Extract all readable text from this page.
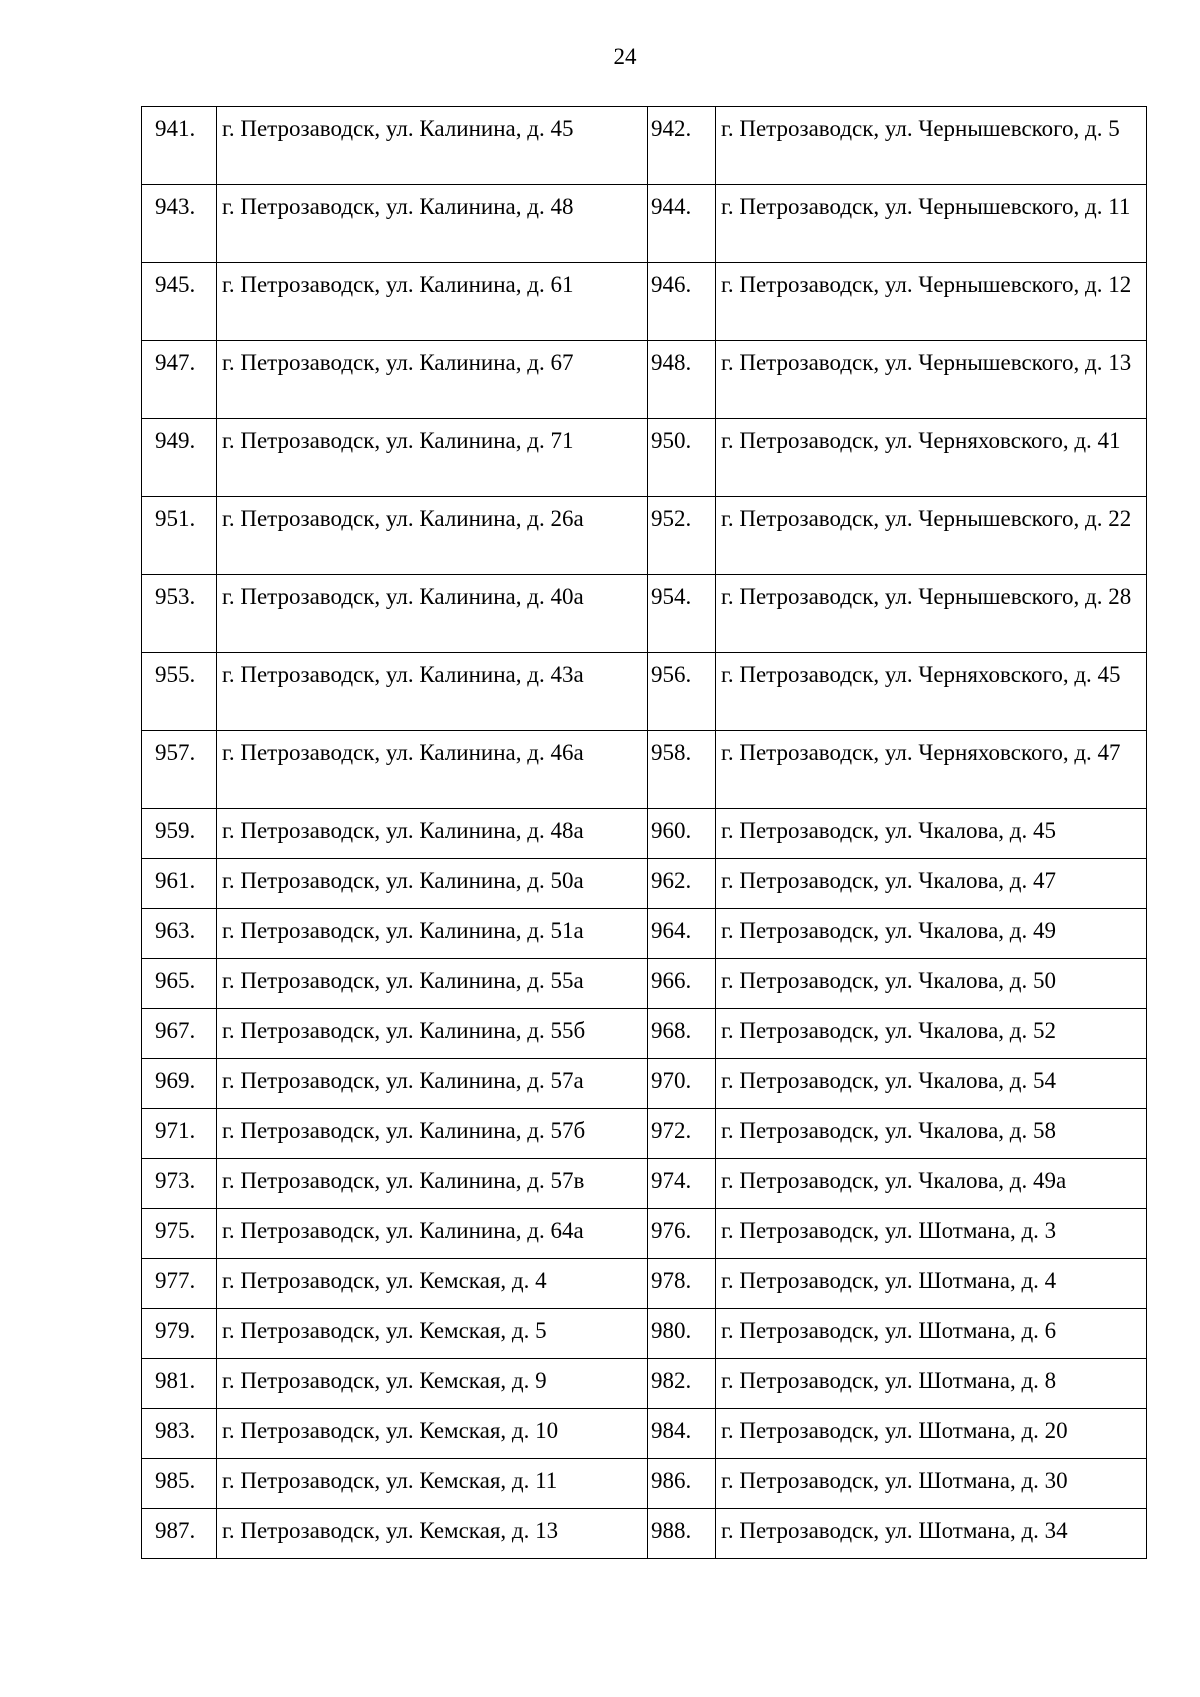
24
941.	г. Петрозаводск, ул. Калинина, д. 45	942.	г. Петрозаводск, ул. Чернышевского, д. 5
943.	г. Петрозаводск, ул. Калинина, д. 48	944.	г. Петрозаводск, ул. Чернышевского, д. 11
945.	г. Петрозаводск, ул. Калинина, д. 61	946.	г. Петрозаводск, ул. Чернышевского, д. 12
947.	г. Петрозаводск, ул. Калинина, д. 67	948.	г. Петрозаводск, ул. Чернышевского, д. 13
949.	г. Петрозаводск, ул. Калинина, д. 71	950.	г. Петрозаводск, ул. Черняховского, д. 41
951.	г. Петрозаводск, ул. Калинина, д. 26а	952.	г. Петрозаводск, ул. Чернышевского, д. 22
953.	г. Петрозаводск, ул. Калинина, д. 40а	954.	г. Петрозаводск, ул. Чернышевского, д. 28
955.	г. Петрозаводск, ул. Калинина, д. 43а	956.	г. Петрозаводск, ул. Черняховского, д. 45
957.	г. Петрозаводск, ул. Калинина, д. 46а	958.	г. Петрозаводск, ул. Черняховского, д. 47
959.	г. Петрозаводск, ул. Калинина, д. 48а	960.	г. Петрозаводск, ул. Чкалова, д. 45
961.	г. Петрозаводск, ул. Калинина, д. 50а	962.	г. Петрозаводск, ул. Чкалова, д. 47
963.	г. Петрозаводск, ул. Калинина, д. 51а	964.	г. Петрозаводск, ул. Чкалова, д. 49
965.	г. Петрозаводск, ул. Калинина, д. 55а	966.	г. Петрозаводск, ул. Чкалова, д. 50
967.	г. Петрозаводск, ул. Калинина, д. 55б	968.	г. Петрозаводск, ул. Чкалова, д. 52
969.	г. Петрозаводск, ул. Калинина, д. 57а	970.	г. Петрозаводск, ул. Чкалова, д. 54
971.	г. Петрозаводск, ул. Калинина, д. 57б	972.	г. Петрозаводск, ул. Чкалова, д. 58
973.	г. Петрозаводск, ул. Калинина, д. 57в	974.	г. Петрозаводск, ул. Чкалова, д. 49а
975.	г. Петрозаводск, ул. Калинина, д. 64а	976.	г. Петрозаводск, ул. Шотмана, д. 3
977.	г. Петрозаводск, ул. Кемская, д. 4	978.	г. Петрозаводск, ул. Шотмана, д. 4
979.	г. Петрозаводск, ул. Кемская, д. 5	980.	г. Петрозаводск, ул. Шотмана, д. 6
981.	г. Петрозаводск, ул. Кемская, д. 9	982.	г. Петрозаводск, ул. Шотмана, д. 8
983.	г. Петрозаводск, ул. Кемская, д. 10	984.	г. Петрозаводск, ул. Шотмана, д. 20
985.	г. Петрозаводск, ул. Кемская, д. 11	986.	г. Петрозаводск, ул. Шотмана, д. 30
987.	г. Петрозаводск, ул. Кемская, д. 13	988.	г. Петрозаводск, ул. Шотмана, д. 34
